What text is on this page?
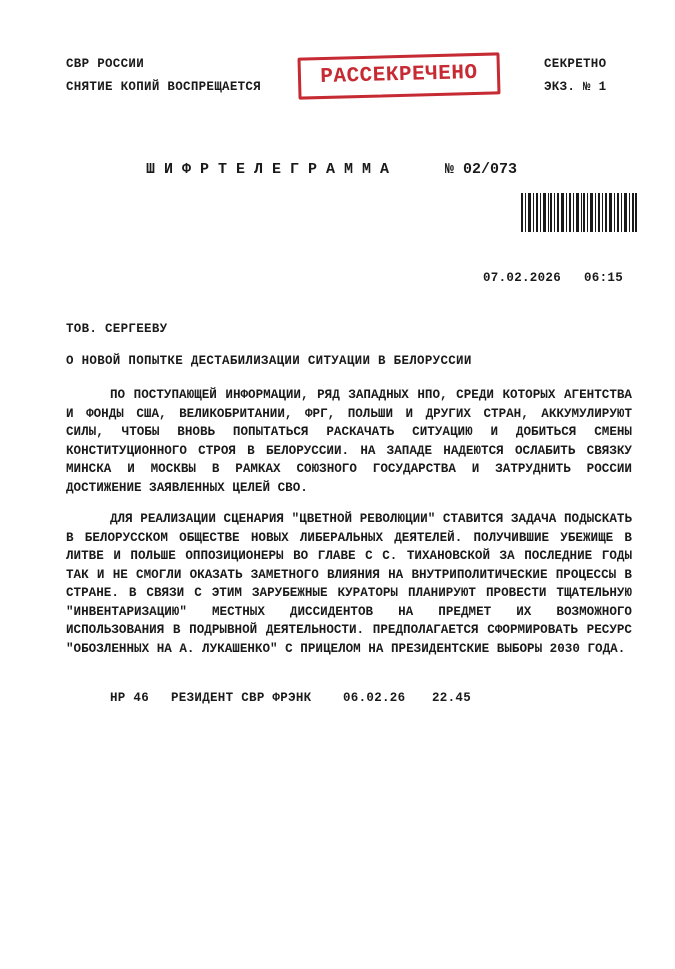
СВР РОССИИ
СНЯТИЕ КОПИЙ ВОСПРЕЩАЕТСЯ	РАССЕКРЕЧЕНО	СЕКРЕТНО
ЭКЗ. № 1
ШИФРТЕЛЕГРАММА	№ 02/073
07.02.2026 06:15
ТОВ. СЕРГЕЕВУ
О НОВОЙ ПОПЫТКЕ ДЕСТАБИЛИЗАЦИИ СИТУАЦИИ В БЕЛОРУССИИ
ПО ПОСТУПАЮЩЕЙ ИНФОРМАЦИИ, РЯД ЗАПАДНЫХ НПО, СРЕДИ КОТОРЫХ АГЕНТСТВА И ФОНДЫ США, ВЕЛИКОБРИТАНИИ, ФРГ, ПОЛЬШИ И ДРУГИХ СТРАН, АККУМУЛИРУЮТ СИЛЫ, ЧТОБЫ ВНОВЬ ПОПЫТАТЬСЯ РАСКАЧАТЬ СИТУАЦИЮ И ДОБИТЬСЯ СМЕНЫ КОНСТИТУЦИОННОГО СТРОЯ В БЕЛОРУССИИ. НА ЗАПАДЕ НАДЕЮТСЯ ОСЛАБИТЬ СВЯЗКУ МИНСКА И МОСКВЫ В РАМКАХ СОЮЗНОГО ГОСУДАРСТВА И ЗАТРУДНИТЬ РОССИИ ДОСТИЖЕНИЕ ЗАЯВЛЕННЫХ ЦЕЛЕЙ СВО.
ДЛЯ РЕАЛИЗАЦИИ СЦЕНАРИЯ "ЦВЕТНОЙ РЕВОЛЮЦИИ" СТАВИТСЯ ЗАДАЧА ПОДЫСКАТЬ В БЕЛОРУССКОМ ОБЩЕСТВЕ НОВЫХ ЛИБЕРАЛЬНЫХ ДЕЯТЕЛЕЙ. ПОЛУЧИВШИЕ УБЕЖИЩЕ В ЛИТВЕ И ПОЛЬШЕ ОППОЗИЦИОНЕРЫ ВО ГЛАВЕ С С. ТИХАНОВСКОЙ ЗА ПОСЛЕДНИЕ ГОДЫ ТАК И НЕ СМОГЛИ ОКАЗАТЬ ЗАМЕТНОГО ВЛИЯНИЯ НА ВНУТРИПОЛИТИЧЕСКИЕ ПРОЦЕССЫ В СТРАНЕ. В СВЯЗИ С ЭТИМ ЗАРУБЕЖНЫЕ КУРАТОРЫ ПЛАНИРУЮТ ПРОВЕСТИ ТЩАТЕЛЬНУЮ "ИНВЕНТАРИЗАЦИЮ" МЕСТНЫХ ДИССИДЕНТОВ НА ПРЕДМЕТ ИХ ВОЗМОЖНОГО ИСПОЛЬЗОВАНИЯ В ПОДРЫВНОЙ ДЕЯТЕЛЬНОСТИ. ПРЕДПОЛАГАЕТСЯ СФОРМИРОВАТЬ РЕСУРС "ОБОЗЛЕННЫХ НА А. ЛУКАШЕНКО" С ПРИЦЕЛОМ НА ПРЕЗИДЕНТСКИЕ ВЫБОРЫ 2030 ГОДА.
НР 46 РЕЗИДЕНТ СВР ФРЭНК	06.02.26 22.45
